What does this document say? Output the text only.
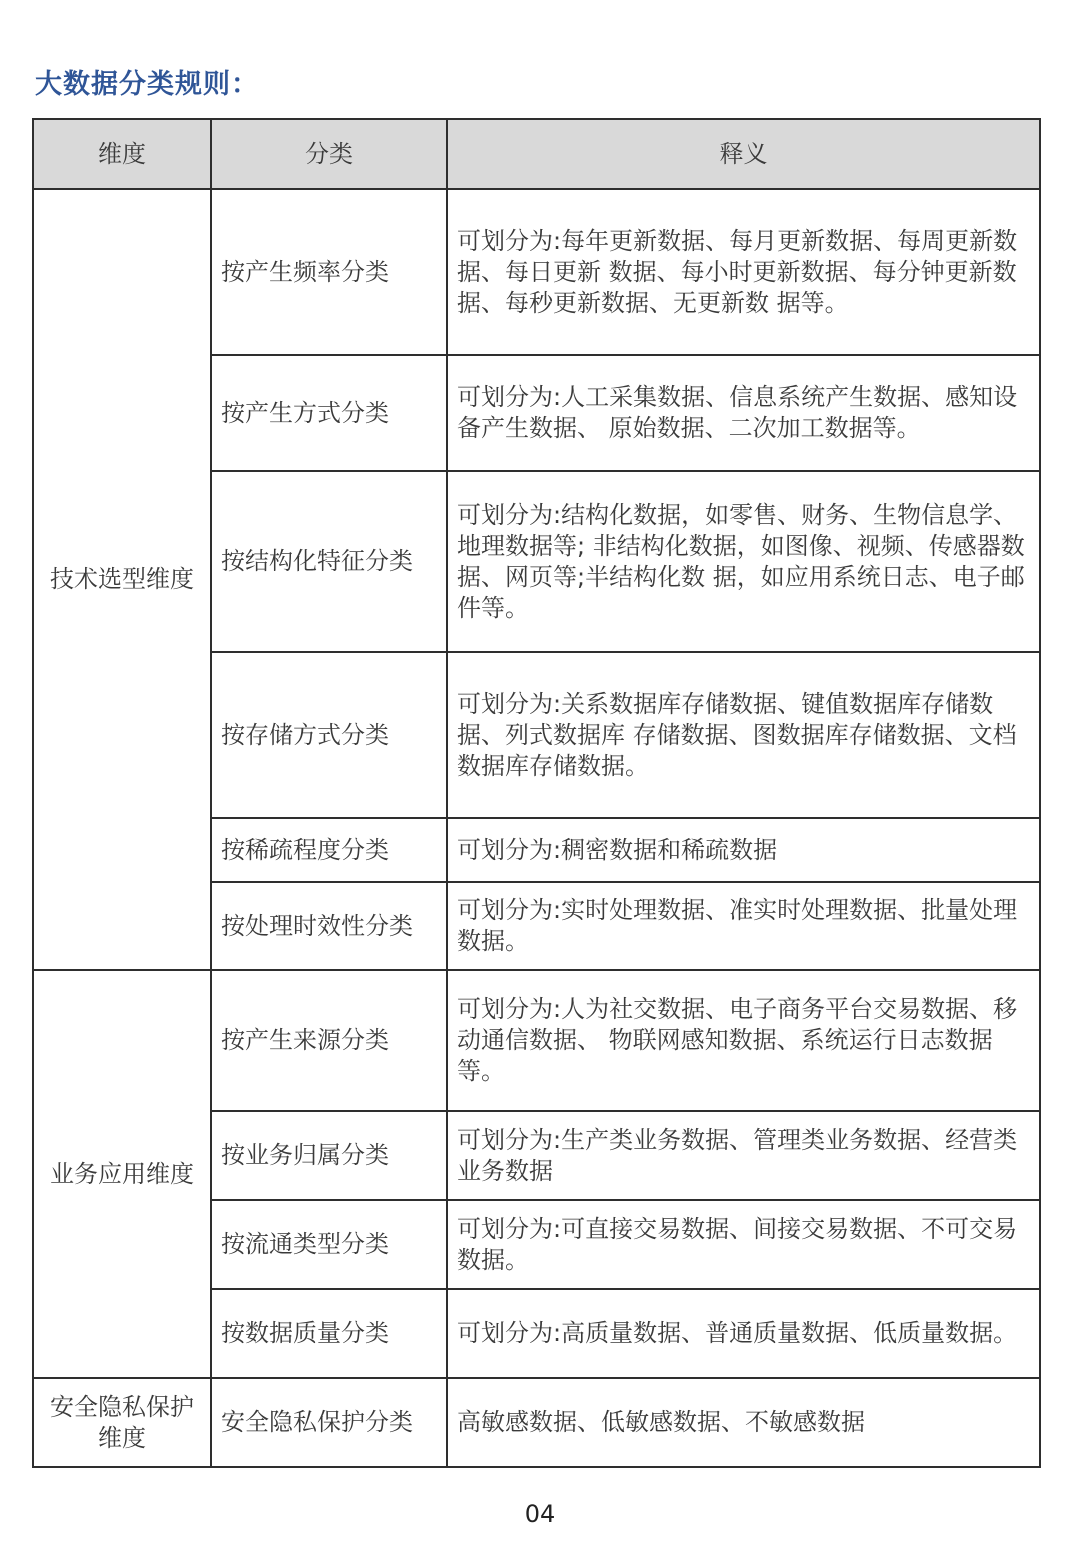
大数据分类规则：
维度	分类	释义
技术选型维度	按产生频率分类	可划分为:每年更新数据、每月更新数据、每周更新数据、每日更新 数据、每小时更新数据、每分钟更新数据、每秒更新数据、无更新数 据等。
	按产生方式分类	可划分为:人工采集数据、信息系统产生数据、感知设备产生数据、 原始数据、二次加工数据等。
	按结构化特征分类	可划分为:结构化数据，如零售、财务、生物信息学、地理数据等; 非结构化数据，如图像、视频、传感器数据、网页等;半结构化数 据，如应用系统日志、电子邮件等。
	按存储方式分类	可划分为:关系数据库存储数据、键值数据库存储数据、列式数据库 存储数据、图数据库存储数据、文档数据库存储数据。
	按稀疏程度分类	可划分为:稠密数据和稀疏数据
	按处理时效性分类	可划分为:实时处理数据、准实时处理数据、批量处理数据。
业务应用维度	按产生来源分类	可划分为:人为社交数据、电子商务平台交易数据、移动通信数据、 物联网感知数据、系统运行日志数据等。
	按业务归属分类	可划分为:生产类业务数据、管理类业务数据、经营类业务数据
	按流通类型分类	可划分为:可直接交易数据、间接交易数据、不可交易数据。
	按数据质量分类	可划分为:高质量数据、普通质量数据、低质量数据。
安全隐私保护维度	安全隐私保护分类	高敏感数据、低敏感数据、不敏感数据
04
